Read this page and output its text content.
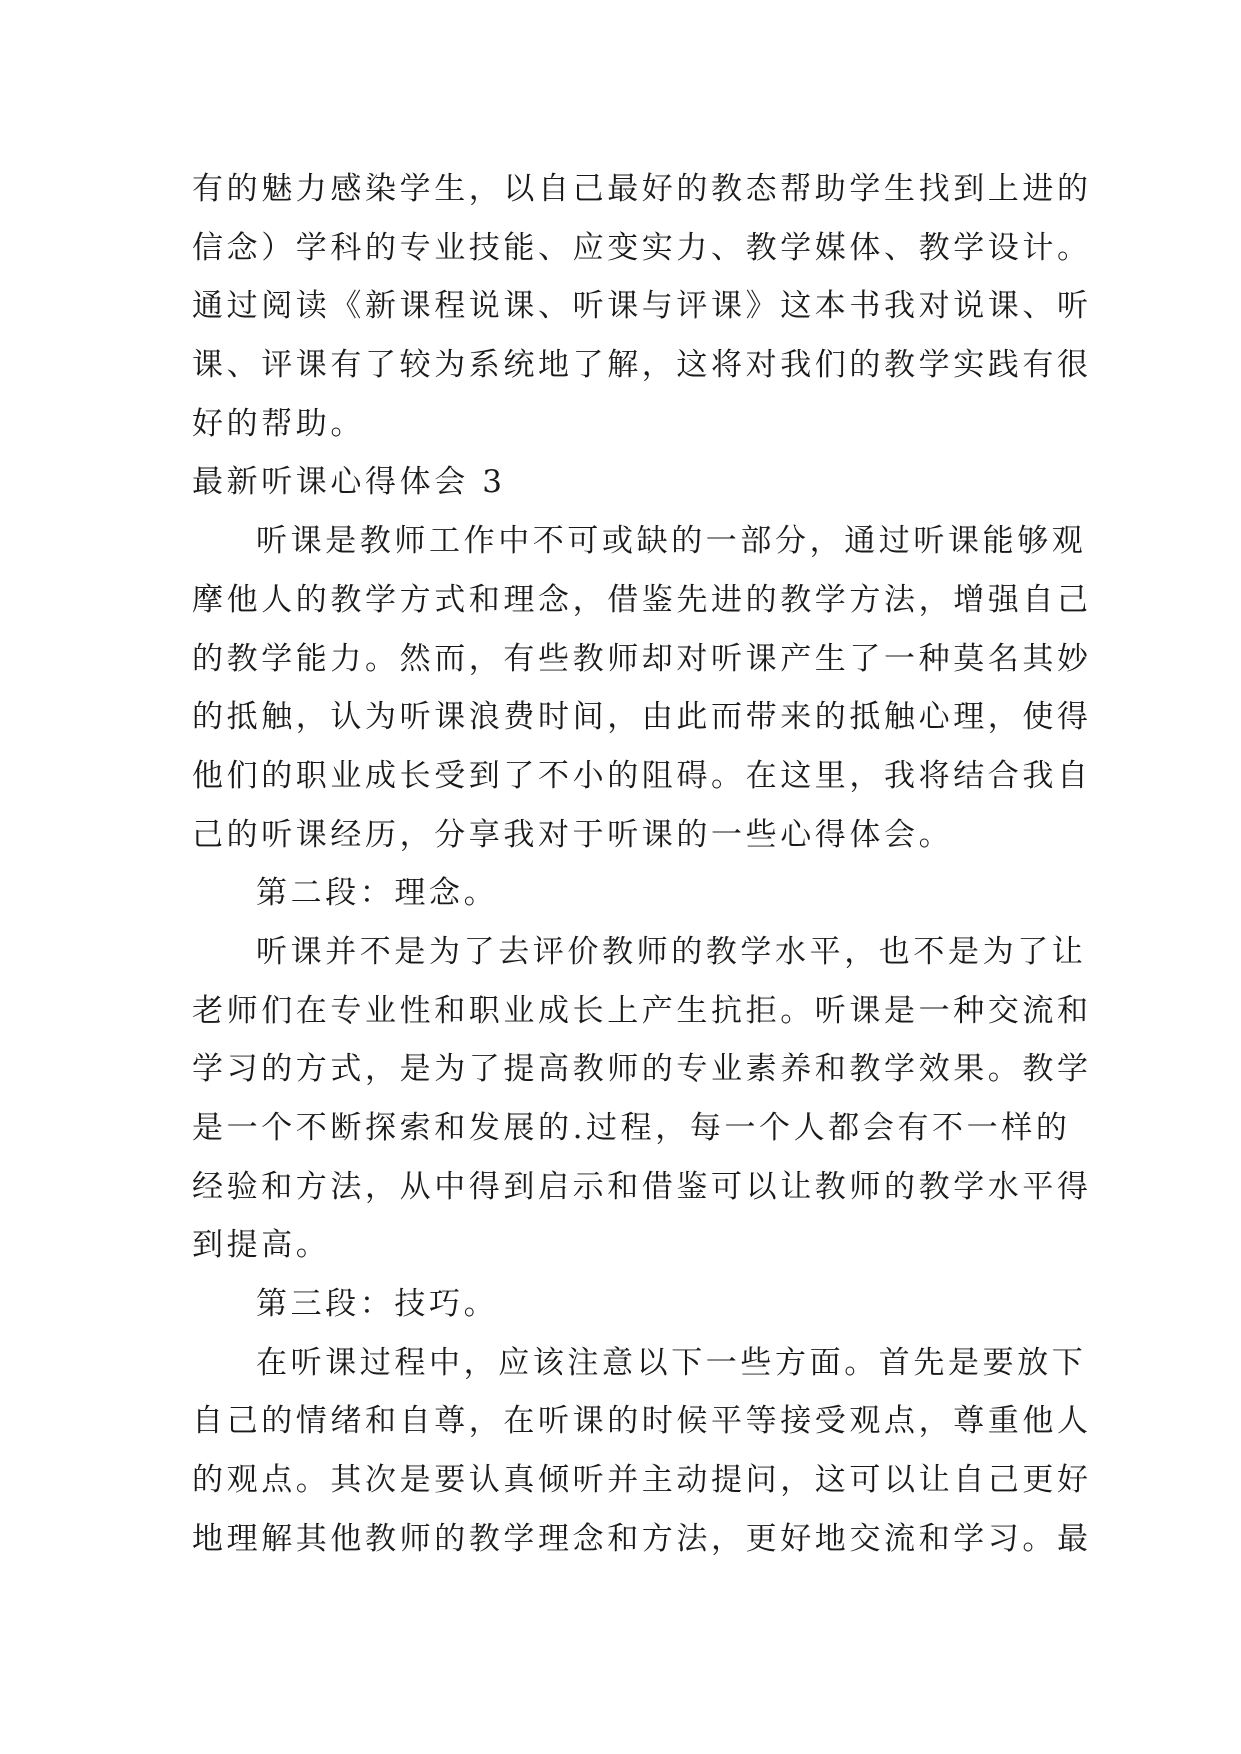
有的魅力感染学生，以自己最好的教态帮助学生找到上进的
信念）学科的专业技能、应变实力、教学媒体、教学设计。
通过阅读《新课程说课、听课与评课》这本书我对说课、听
课、评课有了较为系统地了解，这将对我们的教学实践有很
好的帮助。
最新听课心得体会 3
听课是教师工作中不可或缺的一部分，通过听课能够观
摩他人的教学方式和理念，借鉴先进的教学方法，增强自己
的教学能力。然而，有些教师却对听课产生了一种莫名其妙
的抵触，认为听课浪费时间，由此而带来的抵触心理，使得
他们的职业成长受到了不小的阻碍。在这里，我将结合我自
己的听课经历，分享我对于听课的一些心得体会。
第二段：理念。
听课并不是为了去评价教师的教学水平，也不是为了让
老师们在专业性和职业成长上产生抗拒。听课是一种交流和
学习的方式，是为了提高教师的专业素养和教学效果。教学
是一个不断探索和发展的.过程，每一个人都会有不一样的
经验和方法，从中得到启示和借鉴可以让教师的教学水平得
到提高。
第三段：技巧。
在听课过程中，应该注意以下一些方面。首先是要放下
自己的情绪和自尊，在听课的时候平等接受观点，尊重他人
的观点。其次是要认真倾听并主动提问，这可以让自己更好
地理解其他教师的教学理念和方法，更好地交流和学习。最
